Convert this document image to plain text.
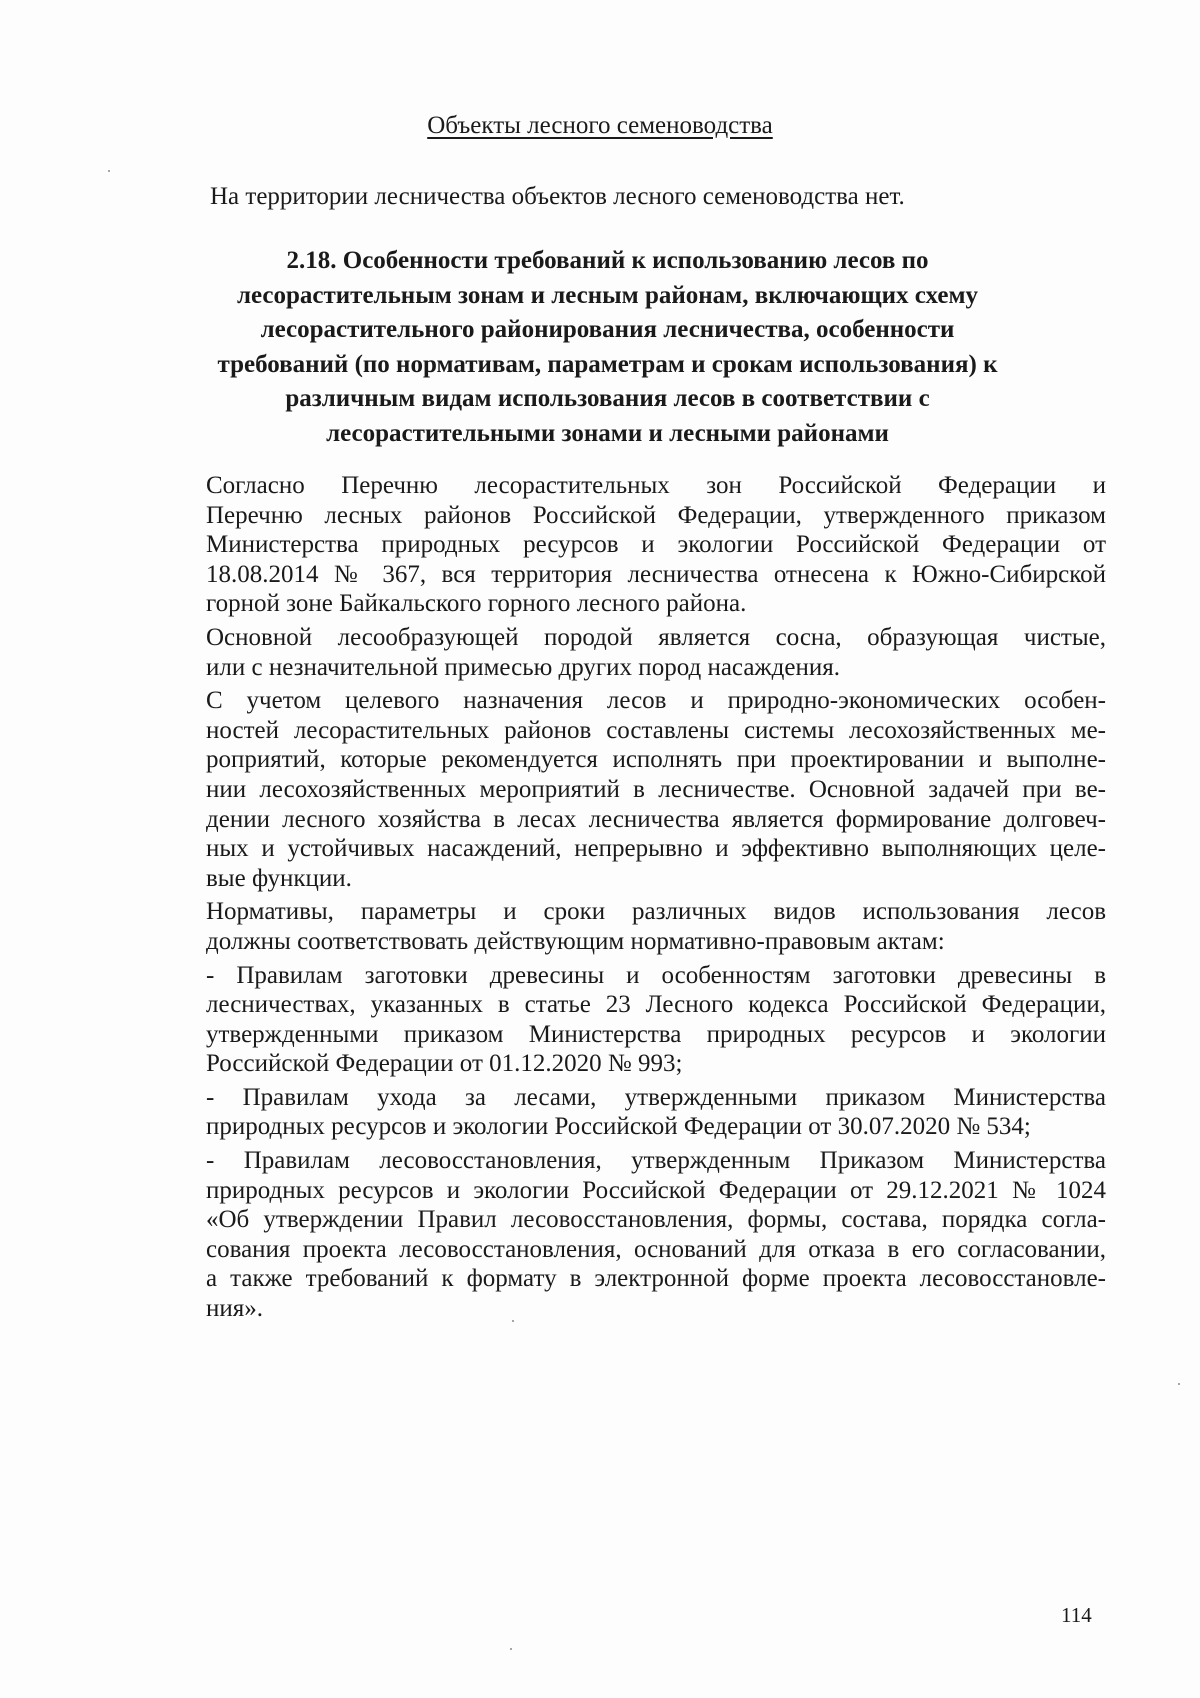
Объекты лесного семеноводства
На территории лесничества объектов лесного семеноводства нет.
2.18. Особенности требований к использованию лесов по
лесорастительным зонам и лесным районам, включающих схему
лесорастительного районирования лесничества, особенности
требований (по нормативам, параметрам и срокам использования) к
различным видам использования лесов в соответствии с
лесорастительными зонами и лесными районами
Согласно Перечню лесорастительных зон Российской Федерации и
Перечню лесных районов Российской Федерации, утвержденного приказом
Министерства природных ресурсов и экологии Российской Федерации от
18.08.2014 № 367, вся территория лесничества отнесена к Южно-Сибирской
горной зоне Байкальского горного лесного района.
Основной лесообразующей породой является сосна, образующая чистые,
или с незначительной примесью других пород насаждения.
С учетом целевого назначения лесов и природно-экономических особен-
ностей лесорастительных районов составлены системы лесохозяйственных ме-
роприятий, которые рекомендуется исполнять при проектировании и выполне-
нии лесохозяйственных мероприятий в лесничестве. Основной задачей при ве-
дении лесного хозяйства в лесах лесничества является формирование долговеч-
ных и устойчивых насаждений, непрерывно и эффективно выполняющих целе-
вые функции.
Нормативы, параметры и сроки различных видов использования лесов
должны соответствовать действующим нормативно-правовым актам:
- Правилам заготовки древесины и особенностям заготовки древесины в
лесничествах, указанных в статье 23 Лесного кодекса Российской Федерации,
утвержденными приказом Министерства природных ресурсов и экологии
Российской Федерации от 01.12.2020 № 993;
- Правилам ухода за лесами, утвержденными приказом Министерства
природных ресурсов и экологии Российской Федерации от 30.07.2020 № 534;
- Правилам лесовосстановления, утвержденным Приказом Министерства
природных ресурсов и экологии Российской Федерации от 29.12.2021 № 1024
«Об утверждении Правил лесовосстановления, формы, состава, порядка согла-
сования проекта лесовосстановления, оснований для отказа в его согласовании,
а также требований к формату в электронной форме проекта лесовосстановле-
ния».
114
